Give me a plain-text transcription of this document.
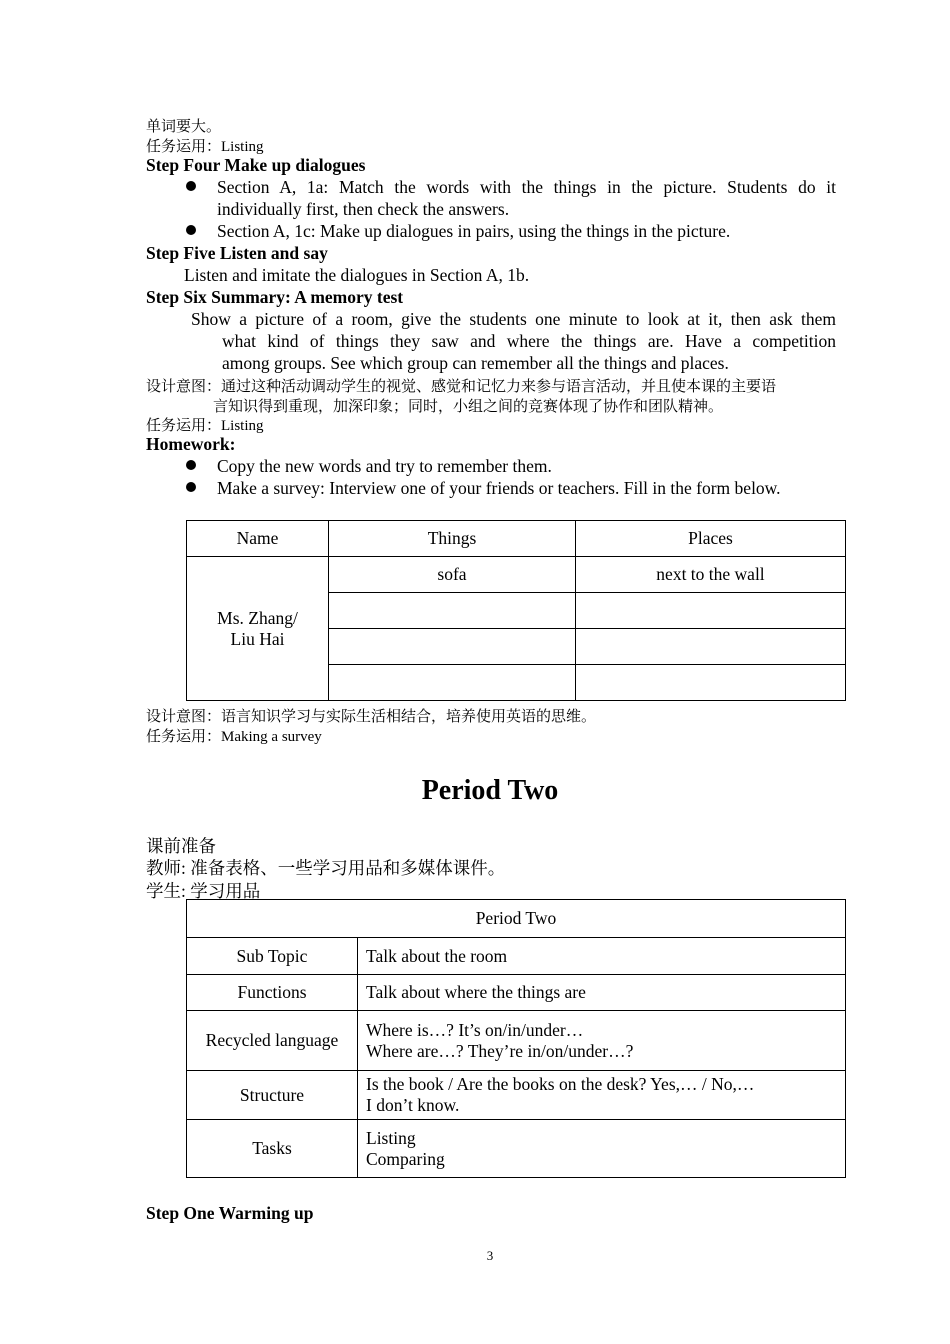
单词要大。
任务运用：Listing
Step Four Make up dialogues
Section A, 1a: Match the words with the things in the picture. Students do it
individually first, then check the answers.
Section A, 1c: Make up dialogues in pairs, using the things in the picture.
Step Five Listen and say
Listen and imitate the dialogues in Section A, 1b.
Step Six Summary: A memory test
Show a picture of a room, give the students one minute to look at it, then ask them
what kind of things they saw and where the things are. Have a competition
among groups. See which group can remember all the things and places.
设计意图：通过这种活动调动学生的视觉、感觉和记忆力来参与语言活动，并且使本课的主要语
言知识得到重现，加深印象；同时，小组之间的竞赛体现了协作和团队精神。
任务运用：Listing
Homework:
Copy the new words and try to remember them.
Make a survey: Interview one of your friends or teachers. Fill in the form below.
Name	Things	Places

Ms. Zhang/
Liu Hai	sofa	next to the wall

设计意图：语言知识学习与实际生活相结合，培养使用英语的思维。
任务运用：Making a survey
Period Two
课前准备
教师: 准备表格、一些学习用品和多媒体课件。
学生: 学习用品
Period Two	
Sub Topic	Talk about the room

Functions	Talk about where the things are

Recycled language	Where is…? It’s on/in/under…
Where are…? They’re in/on/under…?

Structure	Is the book / Are the books on the desk? Yes,… / No,…
I don’t know.

Tasks	Listing
Comparing
Step One Warming up
3
